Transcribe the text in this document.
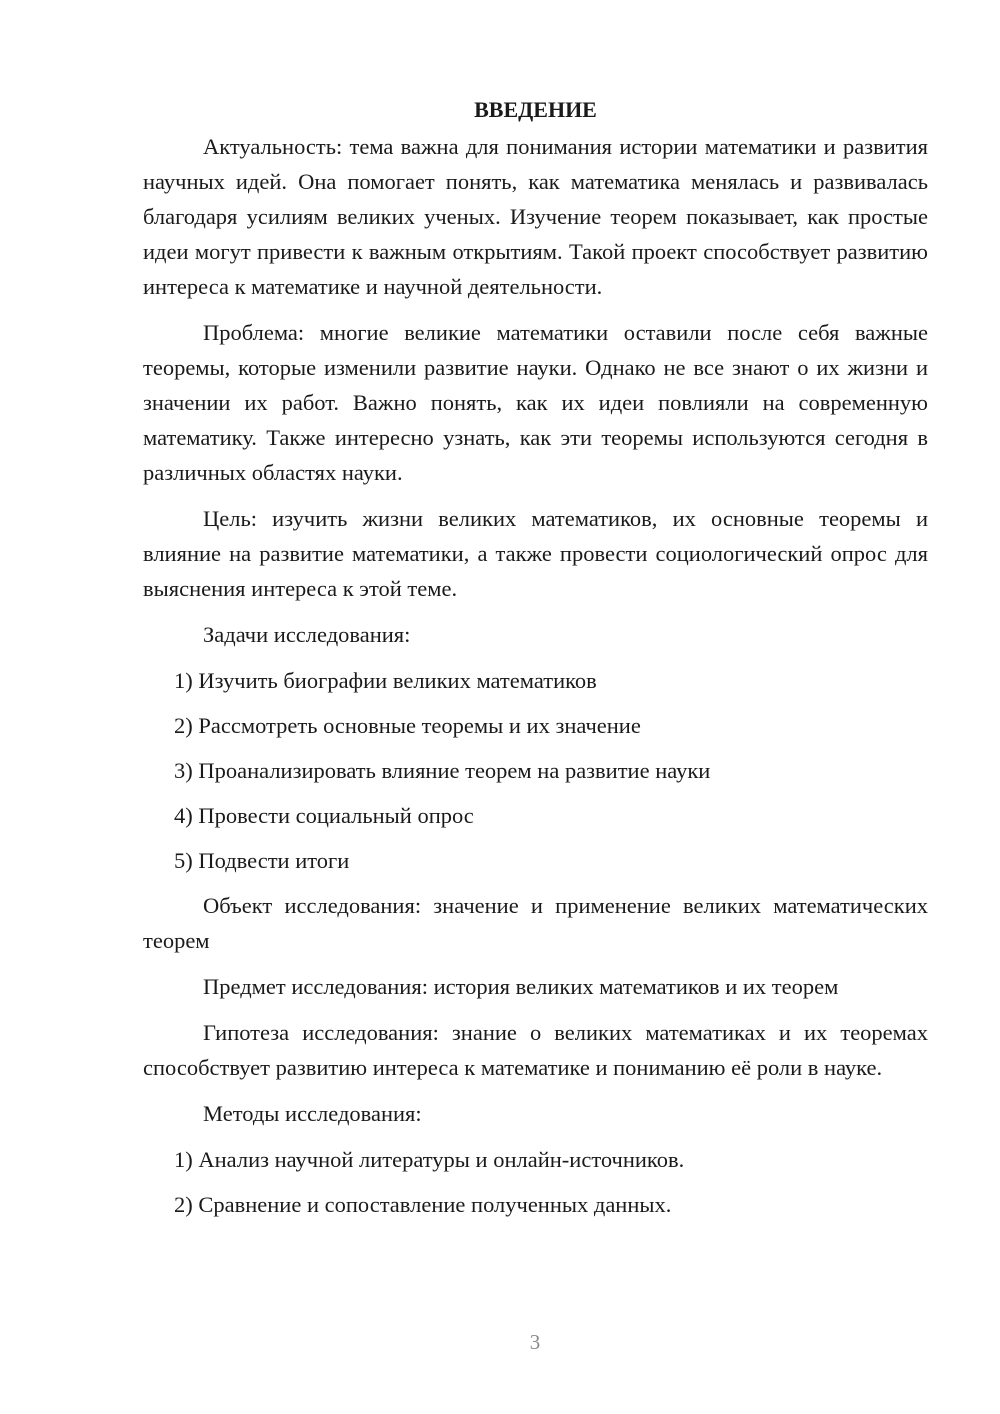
ВВЕДЕНИЕ

Актуальность: тема важна для понимания истории математики и развития научных идей. Она помогает понять, как математика менялась и развивалась благодаря усилиям великих ученых. Изучение теорем показывает, как простые идеи могут привести к важным открытиям. Такой проект способствует развитию интереса к математике и научной деятельности.

Проблема: многие великие математики оставили после себя важные теоремы, которые изменили развитие науки. Однако не все знают о их жизни и значении их работ. Важно понять, как их идеи повлияли на современную математику. Также интересно узнать, как эти теоремы используются сегодня в различных областях науки.

Цель: изучить жизни великих математиков, их основные теоремы и влияние на развитие математики, а также провести социологический опрос для выяснения интереса к этой теме.

Задачи исследования:

1) Изучить биографии великих математиков
2) Рассмотреть основные теоремы и их значение
3) Проанализировать влияние теорем на развитие науки
4) Провести социальный опрос
5) Подвести итоги

Объект исследования: значение и применение великих математических теорем

Предмет исследования: история великих математиков и их теорем

Гипотеза исследования: знание о великих математиках и их теоремах способствует развитию интереса к математике и пониманию её роли в науке.

Методы исследования:

1) Анализ научной литературы и онлайн-источников.
2) Сравнение и сопоставление полученных данных.
3
